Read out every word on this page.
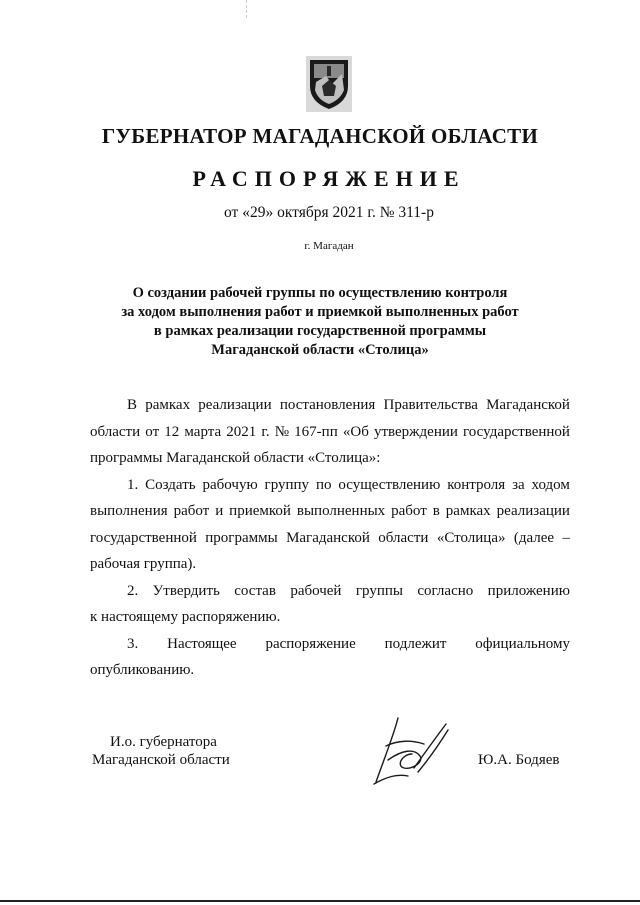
ГУБЕРНАТОР МАГАДАНСКОЙ ОБЛАСТИ
РАСПОРЯЖЕНИЕ
от «29» октября 2021 г. № 311-р
г. Магадан
О создании рабочей группы по осуществлению контроля
за ходом выполнения работ и приемкой выполненных работ
в рамках реализации государственной программы
Магаданской области «Столица»
В рамках реализации постановления Правительства Магаданской
области от 12 марта 2021 г. № 167-пп «Об утверждении государственной
программы Магаданской области «Столица»:
1. Создать рабочую группу по осуществлению контроля за ходом
выполнения работ и приемкой выполненных работ в рамках реализации
государственной программы Магаданской области «Столица» (далее –
рабочая группа).
2. Утвердить состав рабочей группы согласно приложению
к настоящему распоряжению.
3. Настоящее распоряжение подлежит официальному
опубликованию.
И.о. губернатора
Магаданской области	Ю.А. Бодяев
